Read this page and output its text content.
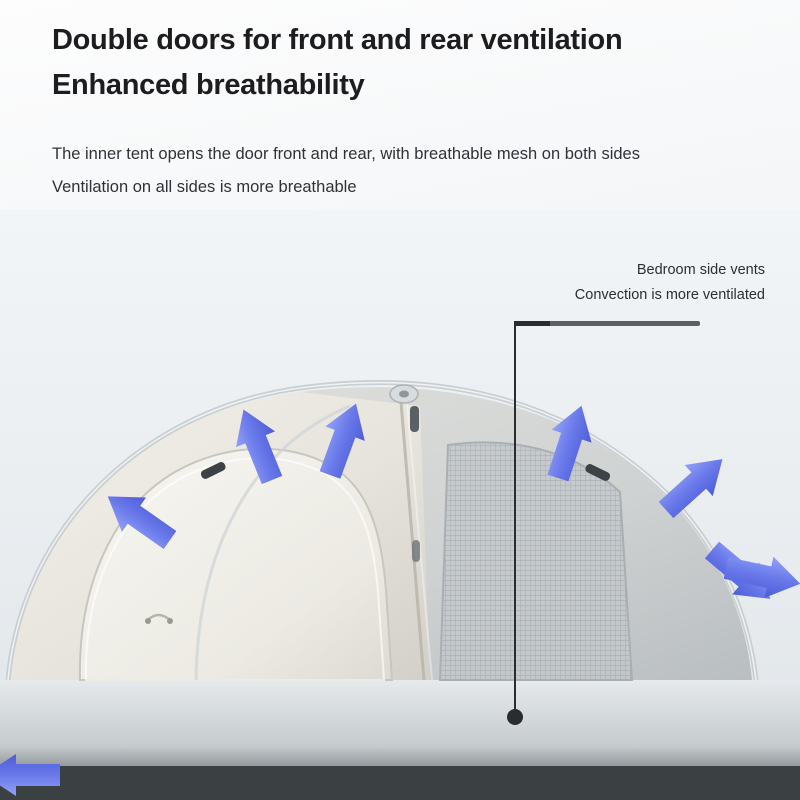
Double doors for front and rear ventilation
Enhanced breathability
The inner tent opens the door front and rear, with breathable mesh on both sides
Ventilation on all sides is more breathable
Bedroom side vents
Convection is more ventilated
